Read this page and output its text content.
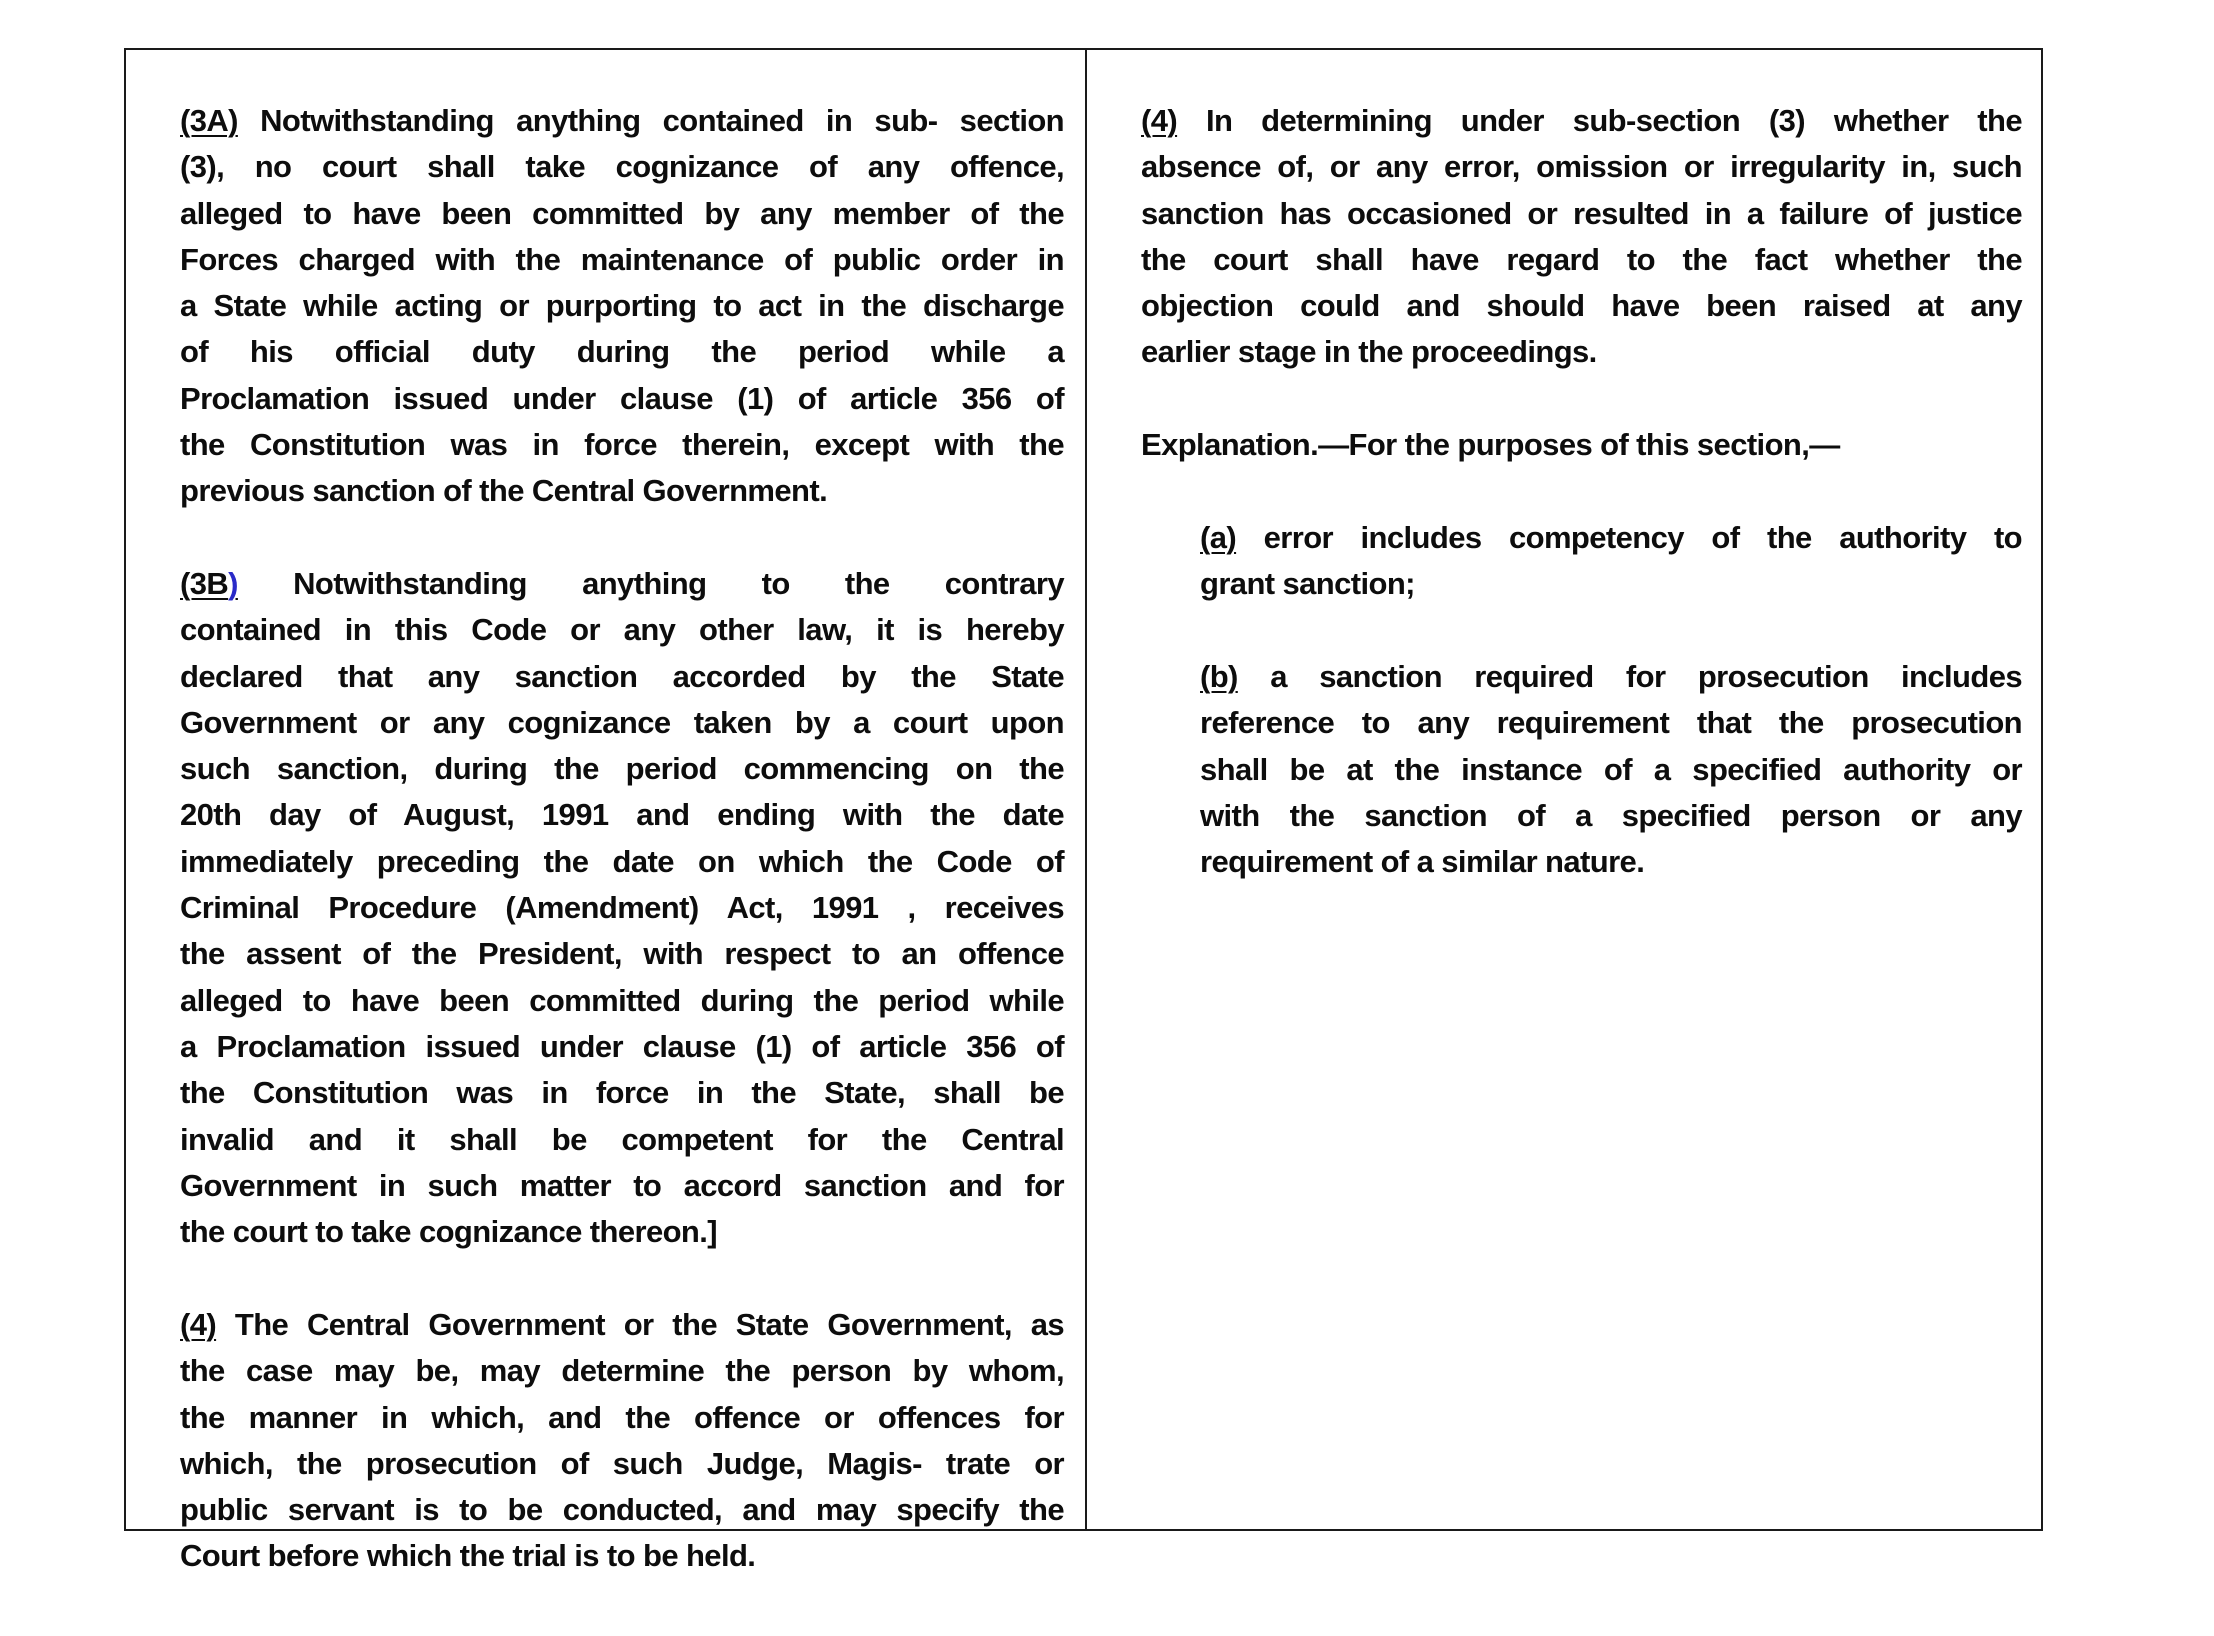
(3A) Notwithstanding anything contained in sub- section
(3), no court shall take cognizance of any offence,
alleged to have been committed by any member of the
Forces charged with the maintenance of public order in
a State while acting or purporting to act in the discharge
of his official duty during the period while a
Proclamation issued under clause (1) of article 356 of
the Constitution was in force therein, except with the
previous sanction of the Central Government.
(3B) Notwithstanding anything to the contrary
contained in this Code or any other law, it is hereby
declared that any sanction accorded by the State
Government or any cognizance taken by a court upon
such sanction, during the period commencing on the
20th day of August, 1991 and ending with the date
immediately preceding the date on which the Code of
Criminal Procedure (Amendment) Act, 1991 , receives
the assent of the President, with respect to an offence
alleged to have been committed during the period while
a Proclamation issued under clause (1) of article 356 of
the Constitution was in force in the State, shall be
invalid and it shall be competent for the Central
Government in such matter to accord sanction and for
the court to take cognizance thereon.]
(4) The Central Government or the State Government, as
the case may be, may determine the person by whom,
the manner in which, and the offence or offences for
which, the prosecution of such Judge, Magis- trate or
public servant is to be conducted, and may specify the
Court before which the trial is to be held.
(4) In determining under sub-section (3) whether the
absence of, or any error, omission or irregularity in, such
sanction has occasioned or resulted in a failure of justice
the court shall have regard to the fact whether the
objection could and should have been raised at any
earlier stage in the proceedings.
Explanation.—For the purposes of this section,—
(a) error includes competency of the authority to
grant sanction;
(b) a sanction required for prosecution includes
reference to any requirement that the prosecution
shall be at the instance of a specified authority or
with the sanction of a specified person or any
requirement of a similar nature.
